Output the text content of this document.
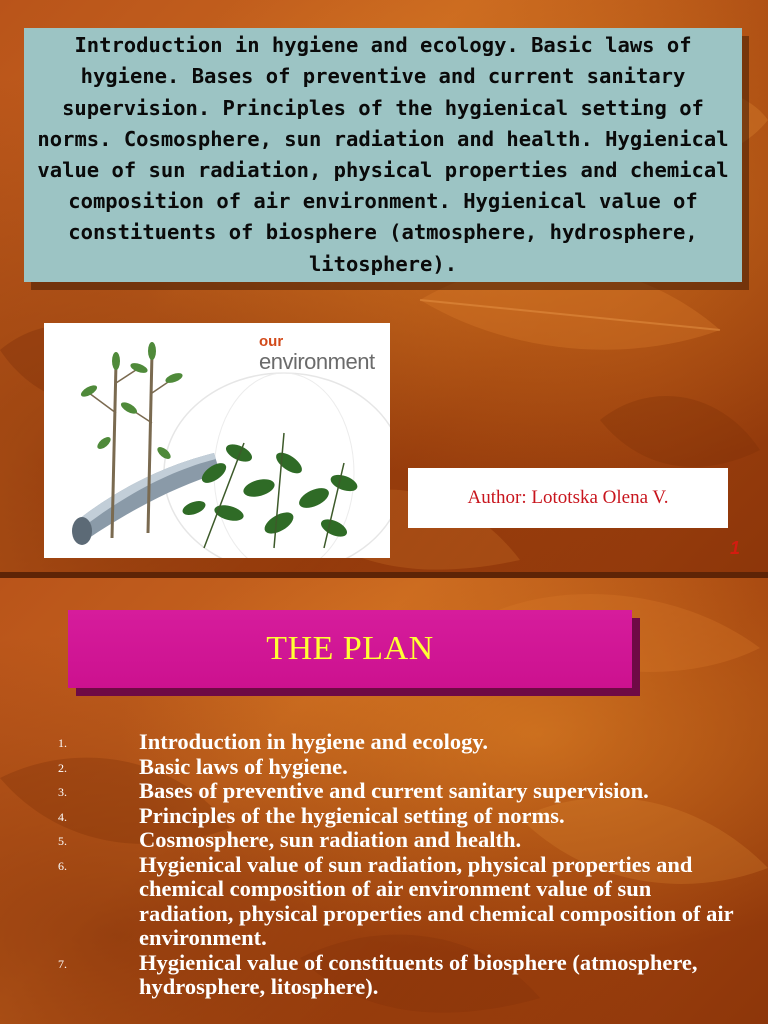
Introduction in hygiene and ecology. Basic laws of hygiene. Bases of preventive and current sanitary supervision. Principles of the hygienical setting of norms. Cosmosphere, sun radiation and health. Hygienical value of sun radiation, physical properties and chemical composition of air environment. Hygienical value of constituents of biosphere (atmosphere, hydrosphere, litosphere).

our
environment
Author: Lototska Olena V.
1
THE PLAN
1.	Introduction in hygiene and ecology.
2.	Basic laws of hygiene.
3.	Bases of preventive and current sanitary supervision.
4.	Principles of the hygienical setting of norms.
5.	Cosmosphere, sun radiation and health.
6.	Hygienical value of sun radiation, physical properties and chemical composition of air environment value of sun radiation, physical properties and chemical composition of air environment.
7.	Hygienical value of constituents of biosphere (atmosphere, hydrosphere, litosphere).
